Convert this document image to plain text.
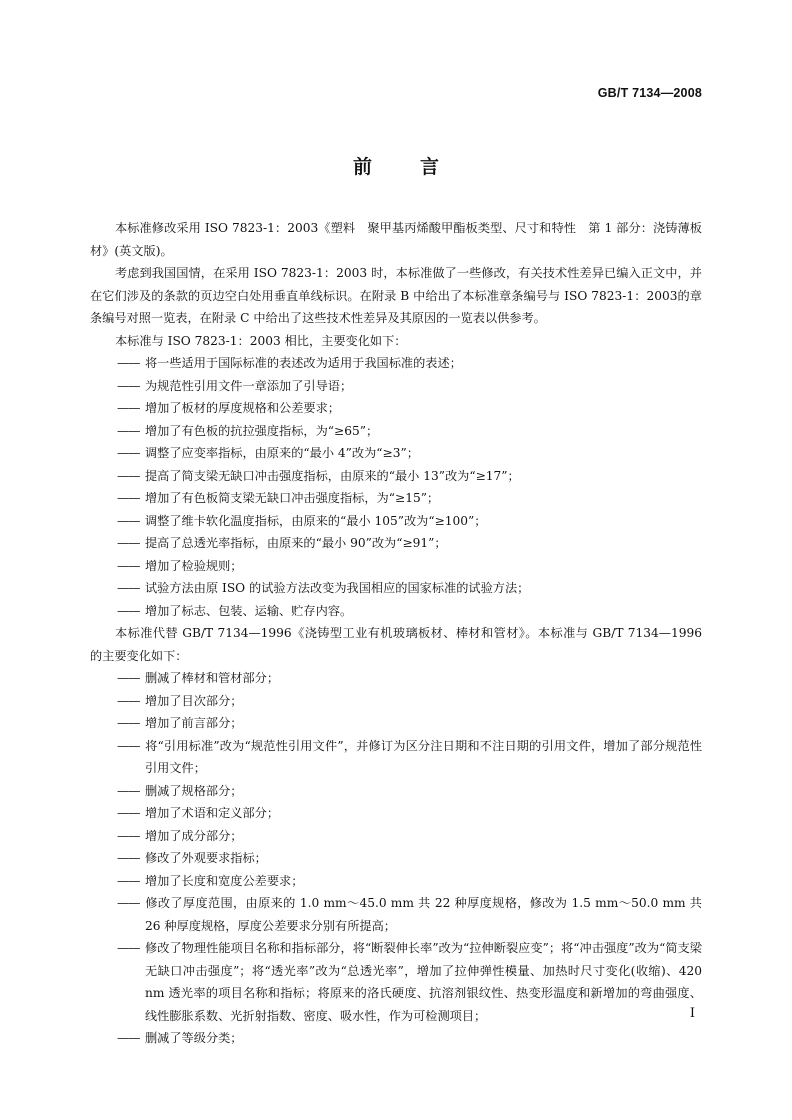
GB/T 7134—2008
前言

本标准修改采用 ISO 7823-1：2003《塑料　聚甲基丙烯酸甲酯板类型、尺寸和特性　第 1 部分：浇铸薄板材》(英文版)。

考虑到我国国情，在采用 ISO 7823-1：2003 时，本标准做了一些修改，有关技术性差异已编入正文中，并在它们涉及的条款的页边空白处用垂直单线标识。在附录 B 中给出了本标准章条编号与 ISO 7823-1：2003的章条编号对照一览表，在附录 C 中给出了这些技术性差异及其原因的一览表以供参考。

本标准与 ISO 7823-1：2003 相比，主要变化如下：

—— 将一些适用于国际标准的表述改为适用于我国标准的表述；

—— 为规范性引用文件一章添加了引导语；

—— 增加了板材的厚度规格和公差要求；

—— 增加了有色板的抗拉强度指标，为“≥65”；

—— 调整了应变率指标，由原来的“最小 4”改为“≥3”；

—— 提高了简支梁无缺口冲击强度指标，由原来的“最小 13”改为“≥17”；

—— 增加了有色板简支梁无缺口冲击强度指标，为“≥15”；

—— 调整了维卡软化温度指标，由原来的“最小 105”改为“≥100”；

—— 提高了总透光率指标，由原来的“最小 90”改为“≥91”；

—— 增加了检验规则；

—— 试验方法由原 ISO 的试验方法改变为我国相应的国家标准的试验方法；

—— 增加了标志、包装、运输、贮存内容。

本标准代替 GB/T 7134—1996《浇铸型工业有机玻璃板材、棒材和管材》。本标准与 GB/T 7134—1996 的主要变化如下：

—— 删减了棒材和管材部分；

—— 增加了目次部分；

—— 增加了前言部分；

—— 将“引用标准”改为“规范性引用文件”，并修订为区分注日期和不注日期的引用文件，增加了部分规范性引用文件；

—— 删减了规格部分；

—— 增加了术语和定义部分；

—— 增加了成分部分；

—— 修改了外观要求指标；

—— 增加了长度和宽度公差要求；

—— 修改了厚度范围，由原来的 1.0 mm～45.0 mm 共 22 种厚度规格，修改为 1.5 mm～50.0 mm 共 26 种厚度规格，厚度公差要求分别有所提高；

—— 修改了物理性能项目名称和指标部分，将“断裂伸长率”改为“拉伸断裂应变”；将“冲击强度”改为“简支梁无缺口冲击强度”；将“透光率”改为“总透光率”，增加了拉伸弹性模量、加热时尺寸变化(收缩)、420 nm 透光率的项目名称和指标；将原来的洛氏硬度、抗溶剂银纹性、热变形温度和新增加的弯曲强度、线性膨胀系数、光折射指数、密度、吸水性，作为可检测项目；

—— 删减了等级分类；

I
